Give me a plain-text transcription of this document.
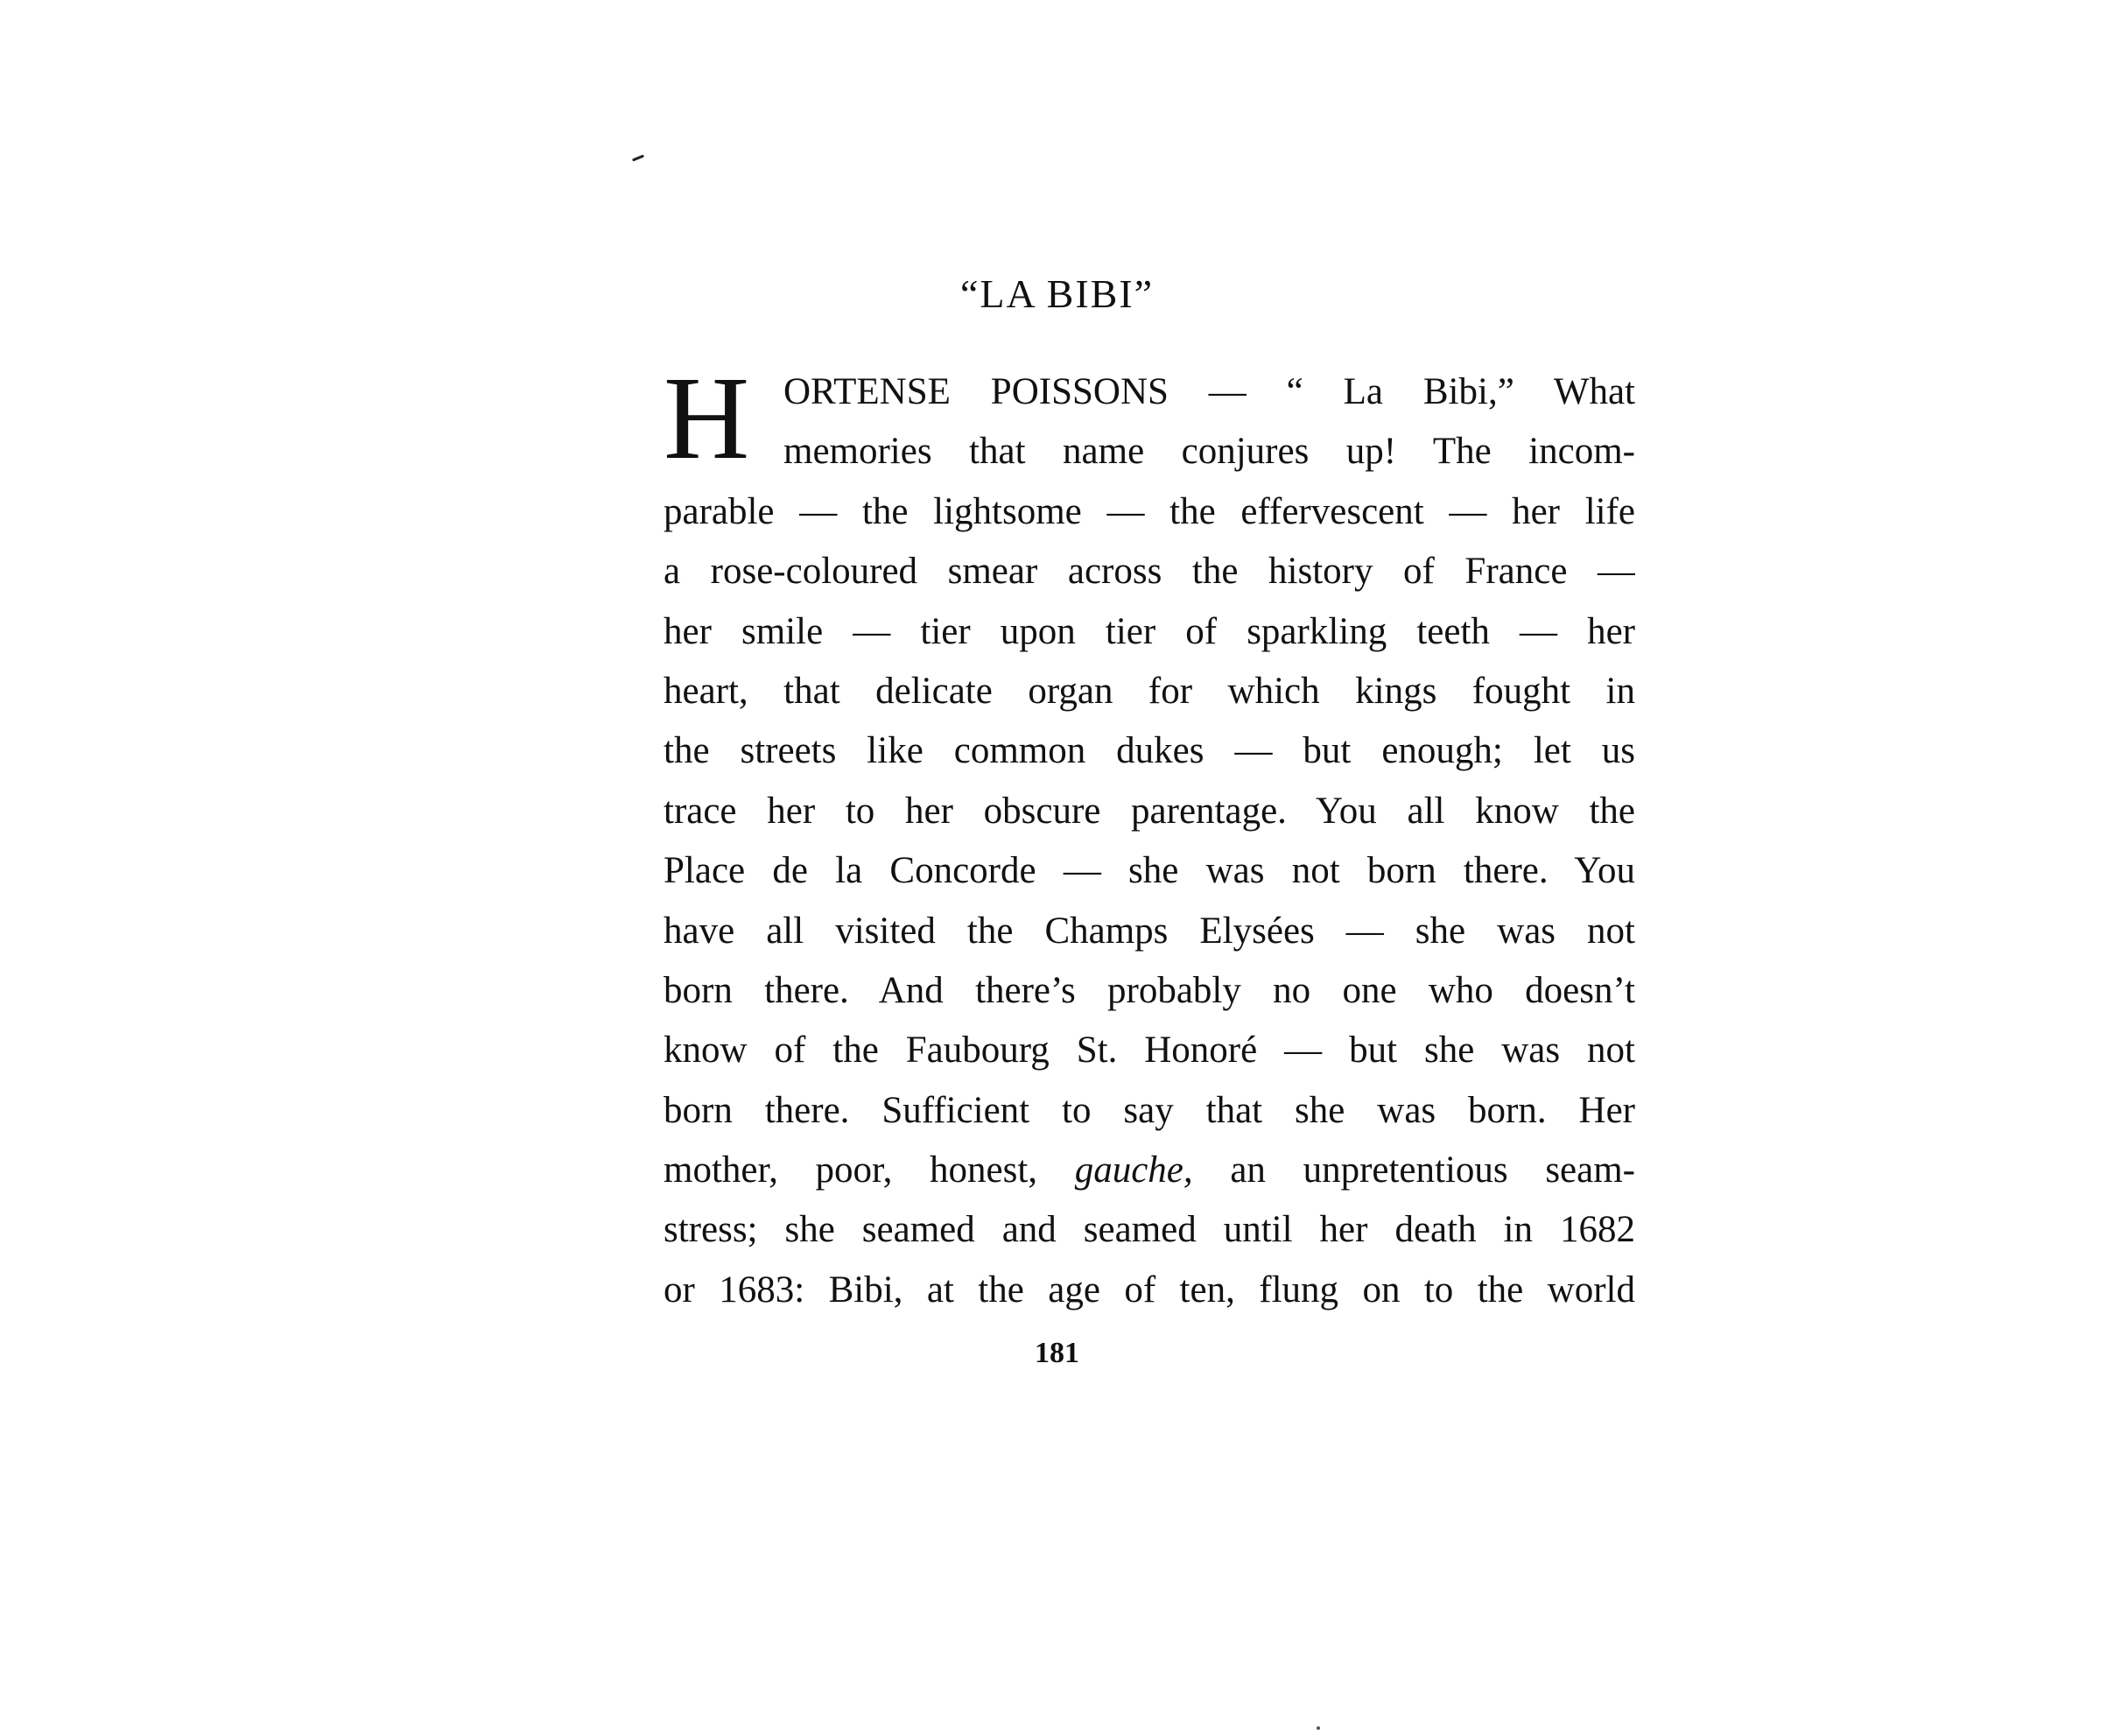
“LA BIBI”
H ORTENSE POISSONS — “ La Bibi,” What
memories that name conjures up! The incom-
parable — the lightsome — the effervescent — her life
a rose-coloured smear across the history of France —
her smile — tier upon tier of sparkling teeth — her
heart, that delicate organ for which kings fought in
the streets like common dukes — but enough; let us
trace her to her obscure parentage. You all know the
Place de la Concorde — she was not born there. You
have all visited the Champs Elysées — she was not
born there. And there’s probably no one who doesn’t
know of the Faubourg St. Honoré — but she was not
born there. Sufficient to say that she was born. Her
mother, poor, honest, gauche, an unpretentious seam-
stress; she seamed and seamed until her death in 1682
or 1683: Bibi, at the age of ten, flung on to the world
181
